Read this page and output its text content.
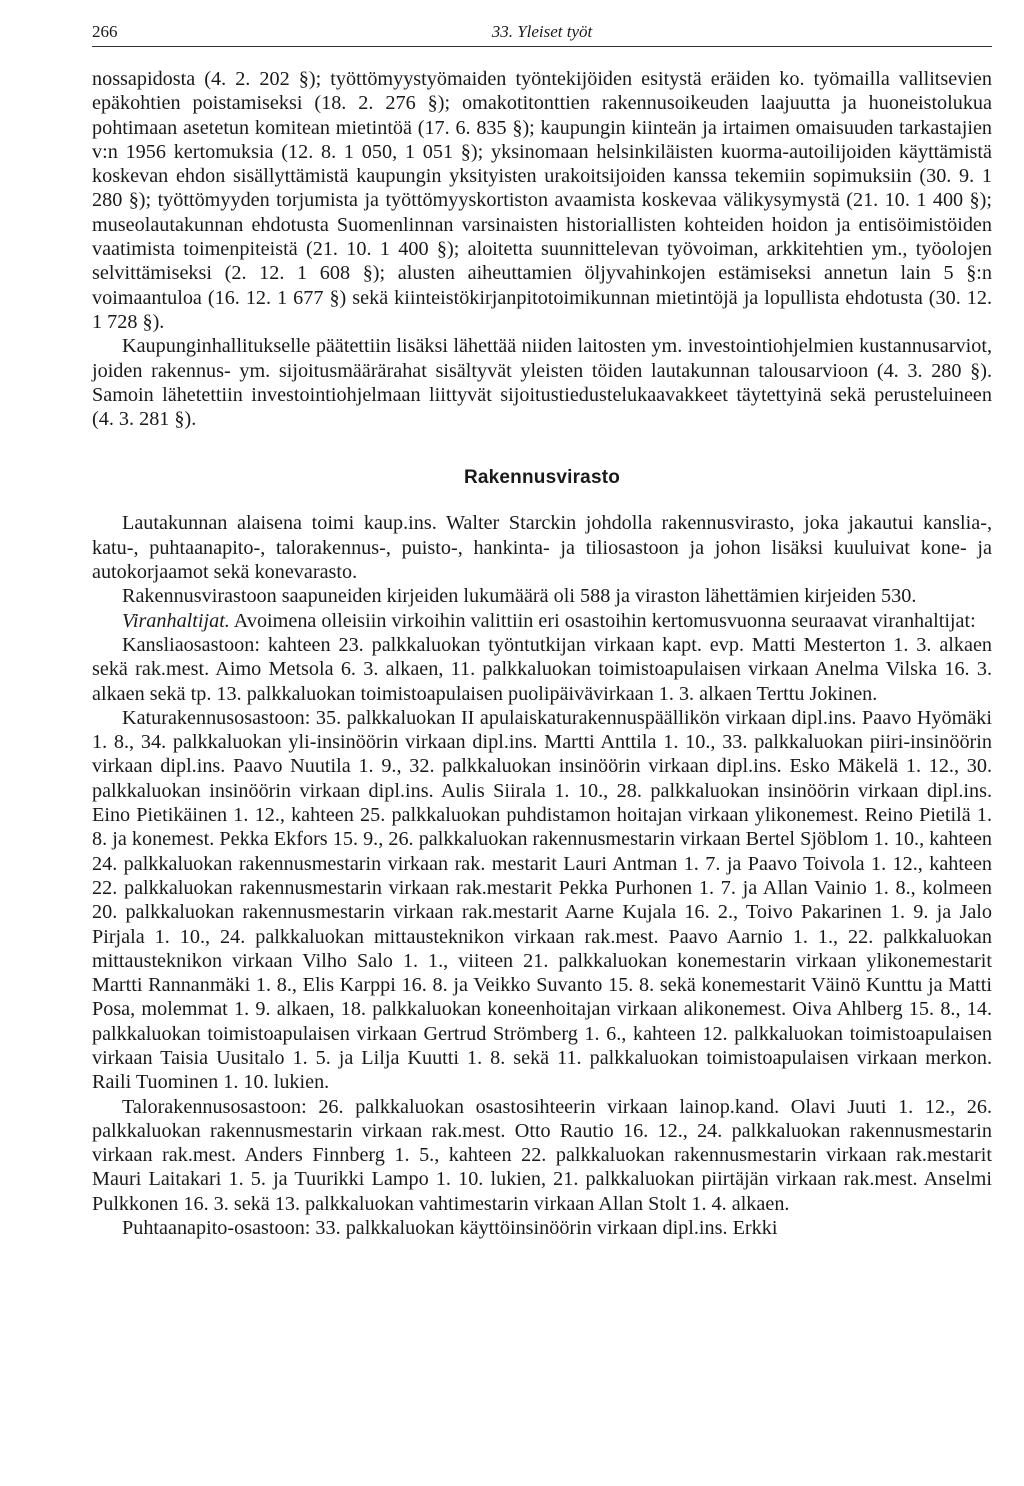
266	33. Yleiset työt

nossapidosta (4. 2. 202 §); työttömyystyömaiden työntekijöiden esitystä eräiden ko. työmailla vallitsevien epäkohtien poistamiseksi (18. 2. 276 §); omakotitonttien rakennusoikeuden laajuutta ja huoneistolukua pohtimaan asetetun komitean mietintöä (17. 6. 835 §); kaupungin kiinteän ja irtaimen omaisuuden tarkastajien v:n 1956 kertomuksia (12. 8. 1 050, 1 051 §); yksinomaan helsinkiläisten kuorma-autoilijoiden käyttämistä koskevan ehdon sisällyttämistä kaupungin yksityisten urakoitsijoiden kanssa tekemiin sopimuksiin (30. 9. 1 280 §); työttömyyden torjumista ja työttömyyskortiston avaamista koskevaa välikysymystä (21. 10. 1 400 §); museolautakunnan ehdotusta Suomenlinnan varsinaisten historiallisten kohteiden hoidon ja entisöimistöiden vaatimista toimenpiteistä (21. 10. 1 400 §); aloitetta suunnittelevan työvoiman, arkkitehtien ym., työolojen selvittämiseksi (2. 12. 1 608 §); alusten aiheuttamien öljyvahinkojen estämiseksi annetun lain 5 §:n voimaantuloa (16. 12. 1 677 §) sekä kiinteistökirjanpitotoimikunnan mietintöjä ja lopullista ehdotusta (30. 12. 1 728 §).

Kaupunginhallitukselle päätettiin lisäksi lähettää niiden laitosten ym. investointiohjelmien kustannusarviot, joiden rakennus- ym. sijoitusmäärärahat sisältyvät yleisten töiden lautakunnan talousarvioon (4. 3. 280 §). Samoin lähetettiin investointiohjelmaan liittyvät sijoitustiedustelukaavakkeet täytettyinä sekä perusteluineen (4. 3. 281 §).

Rakennusvirasto

Lautakunnan alaisena toimi kaup.ins. Walter Starckin johdolla rakennusvirasto, joka jakautui kanslia-, katu-, puhtaanapito-, talorakennus-, puisto-, hankinta- ja tiliosastoon ja johon lisäksi kuuluivat kone- ja autokorjaamot sekä konevarasto.

Rakennusvirastoon saapuneiden kirjeiden lukumäärä oli 588 ja viraston lähettämien kirjeiden 530.

Viranhaltijat. Avoimena olleisiin virkoihin valittiin eri osastoihin kertomusvuonna seuraavat viranhaltijat:

Kansliaosastoon: kahteen 23. palkkaluokan työntutkijan virkaan kapt. evp. Matti Mesterton 1. 3. alkaen sekä rak.mest. Aimo Metsola 6. 3. alkaen, 11. palkkaluokan toimistoapulaisen virkaan Anelma Vilska 16. 3. alkaen sekä tp. 13. palkkaluokan toimistoapulaisen puolipäivävirkaan 1. 3. alkaen Terttu Jokinen.

Katurakennusosastoon: 35. palkkaluokan II apulaiskaturakennuspäällikön virkaan dipl.ins. Paavo Hyömäki 1. 8., 34. palkkaluokan yli-insinöörin virkaan dipl.ins. Martti Anttila 1. 10., 33. palkkaluokan piiri-insinöörin virkaan dipl.ins. Paavo Nuutila 1. 9., 32. palkkaluokan insinöörin virkaan dipl.ins. Esko Mäkelä 1. 12., 30. palkkaluokan insinöörin virkaan dipl.ins. Aulis Siirala 1. 10., 28. palkkaluokan insinöörin virkaan dipl.ins. Eino Pietikäinen 1. 12., kahteen 25. palkkaluokan puhdistamon hoitajan virkaan ylikonemest. Reino Pietilä 1. 8. ja konemest. Pekka Ekfors 15. 9., 26. palkkaluokan rakennusmestarin virkaan Bertel Sjöblom 1. 10., kahteen 24. palkkaluokan rakennusmestarin virkaan rak. mestarit Lauri Antman 1. 7. ja Paavo Toivola 1. 12., kahteen 22. palkkaluokan rakennusmestarin virkaan rak.mestarit Pekka Purhonen 1. 7. ja Allan Vainio 1. 8., kolmeen 20. palkkaluokan rakennusmestarin virkaan rak.mestarit Aarne Kujala 16. 2., Toivo Pakarinen 1. 9. ja Jalo Pirjala 1. 10., 24. palkkaluokan mittausteknikon virkaan rak.mest. Paavo Aarnio 1. 1., 22. palkkaluokan mittausteknikon virkaan Vilho Salo 1. 1., viiteen 21. palkkaluokan konemestarin virkaan ylikonemestarit Martti Rannanmäki 1. 8., Elis Karppi 16. 8. ja Veikko Suvanto 15. 8. sekä konemestarit Väinö Kunttu ja Matti Posa, molemmat 1. 9. alkaen, 18. palkkaluokan koneenhoitajan virkaan alikonemest. Oiva Ahlberg 15. 8., 14. palkkaluokan toimistoapulaisen virkaan Gertrud Strömberg 1. 6., kahteen 12. palkkaluokan toimistoapulaisen virkaan Taisia Uusitalo 1. 5. ja Lilja Kuutti 1. 8. sekä 11. palkkaluokan toimistoapulaisen virkaan merkon. Raili Tuominen 1. 10. lukien.

Talorakennusosastoon: 26. palkkaluokan osastosihteerin virkaan lainop.kand. Olavi Juuti 1. 12., 26. palkkaluokan rakennusmestarin virkaan rak.mest. Otto Rautio 16. 12., 24. palkkaluokan rakennusmestarin virkaan rak.mest. Anders Finnberg 1. 5., kahteen 22. palkkaluokan rakennusmestarin virkaan rak.mestarit Mauri Laitakari 1. 5. ja Tuurikki Lampo 1. 10. lukien, 21. palkkaluokan piirtäjän virkaan rak.mest. Anselmi Pulkkonen 16. 3. sekä 13. palkkaluokan vahtimestarin virkaan Allan Stolt 1. 4. alkaen.

Puhtaanapito-osastoon: 33. palkkaluokan käyttöinsinöörin virkaan dipl.ins. Erkki
